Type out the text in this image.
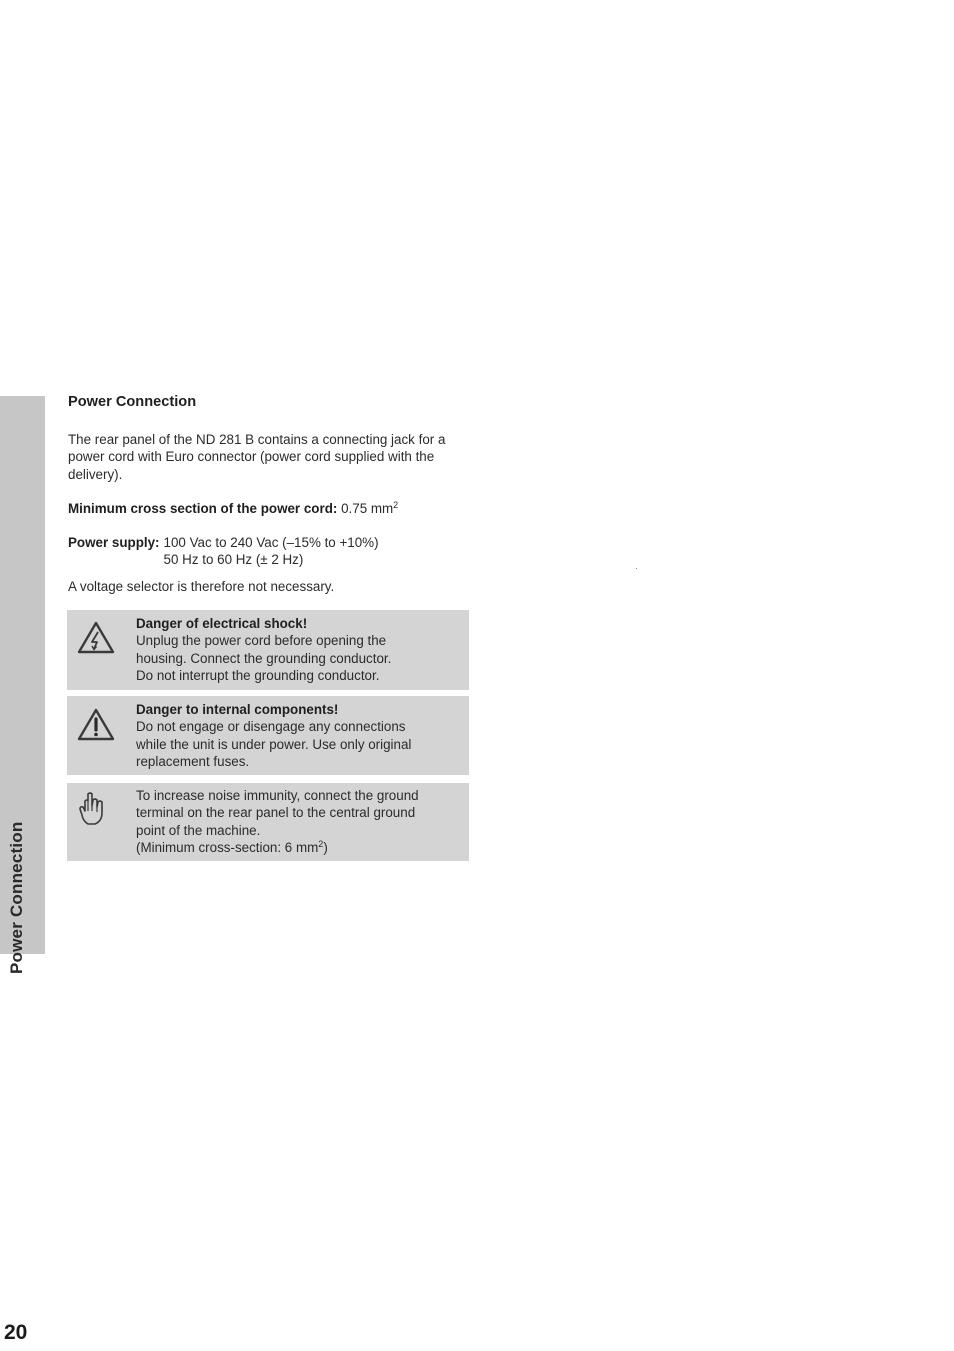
Power Connection
20
Power Connection

The rear panel of the ND 281 B contains a connecting jack for a power cord with Euro connector (power cord supplied with the delivery).

Minimum cross section of the power cord: 0.75 $mm^2$

Power supply: 100 Vac to 240 Vac (–15% to +10%)
50 Hz to 60 Hz (± 2 Hz)

A voltage selector is therefore not necessary.

Danger of electrical shock!
Unplug the power cord before opening the
housing. Connect the grounding conductor.
Do not interrupt the grounding conductor.
Danger to internal components!
Do not engage or disengage any connections
while the unit is under power. Use only original
replacement fuses.
To increase noise immunity, connect the ground
terminal on the rear panel to the central ground
point of the machine.
(Minimum cross-section: 6 $mm^2$)
